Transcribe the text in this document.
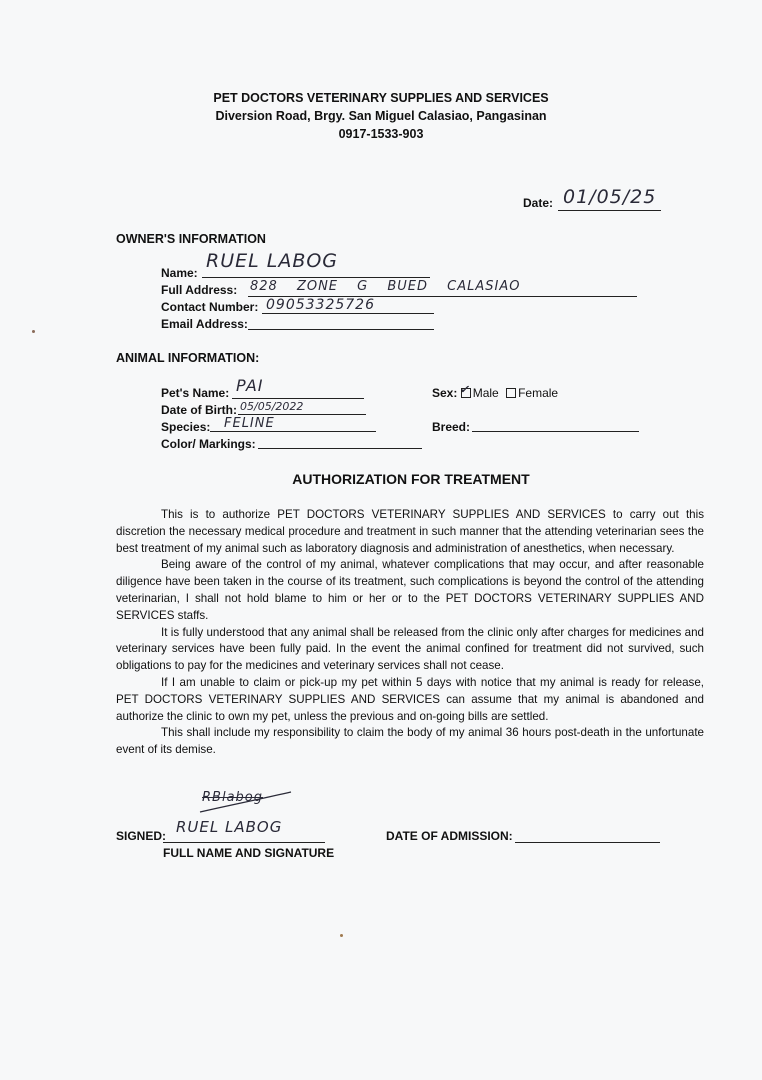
PET DOCTORS VETERINARY SUPPLIES AND SERVICES
Diversion Road, Brgy. San Miguel Calasiao, Pangasinan
0917-1533-903
Date: 01/05/25
OWNER'S INFORMATION
Name:
RUEL LABOG
Full Address: 828 ZONE G BUED CALASIAO
Contact Number: 09053325726
Email Address:
ANIMAL INFORMATION:
Pet's Name: PAI
Date of Birth: 05/05/2022
Species: FELINE
Color/ Markings:
Sex: ✓ Male Female
Breed:
AUTHORIZATION FOR TREATMENT

This is to authorize PET DOCTORS VETERINARY SUPPLIES AND SERVICES to carry out this discretion the necessary medical procedure and treatment in such manner that the attending veterinarian sees the best treatment of my animal such as laboratory diagnosis and administration of anesthetics, when necessary.

Being aware of the control of my animal, whatever complications that may occur, and after reasonable diligence have been taken in the course of its treatment, such complications is beyond the control of the attending veterinarian, I shall not hold blame to him or her or to the PET DOCTORS VETERINARY SUPPLIES AND SERVICES staffs.

It is fully understood that any animal shall be released from the clinic only after charges for medicines and veterinary services have been fully paid. In the event the animal confined for treatment did not survived, such obligations to pay for the medicines and veterinary services shall not cease.

If I am unable to claim or pick-up my pet within 5 days with notice that my animal is ready for release, PET DOCTORS VETERINARY SUPPLIES AND SERVICES can assume that my animal is abandoned and authorize the clinic to own my pet, unless the previous and on-going bills are settled.

This shall include my responsibility to claim the body of my animal 36 hours post-death in the unfortunate event of its demise.

SIGNED:
RBlabog
RUEL LABOG
FULL NAME AND SIGNATURE
DATE OF ADMISSION:
